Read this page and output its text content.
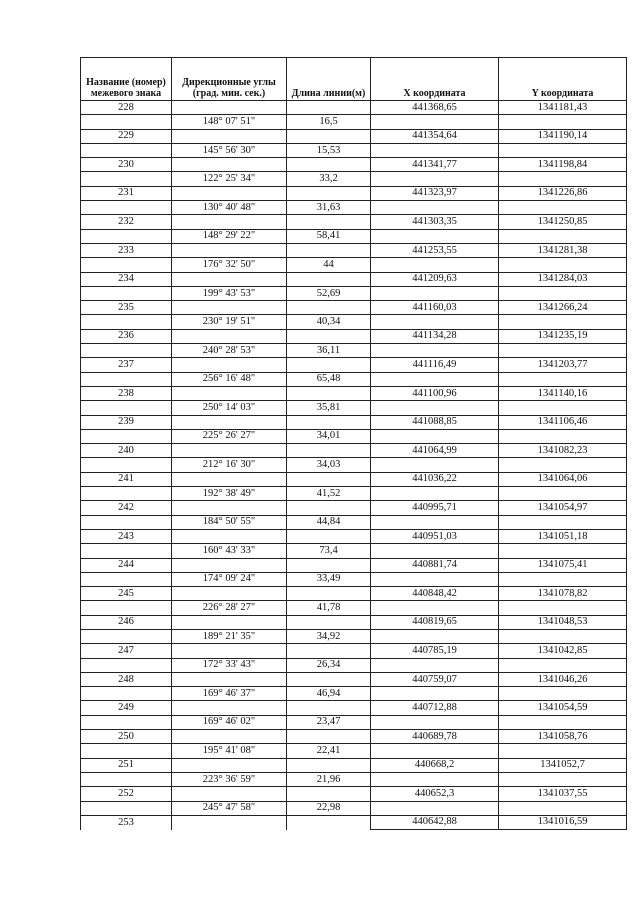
Название (номер) межевого знака	Дирекционные углы (град. мин. сек.)	Длина линии(м)	X координата	Y координата
228			441368,65	1341181,43
	148° 07' 51"	16,5		
229			441354,64	1341190,14
	145° 56' 30"	15,53		
230			441341,77	1341198,84
	122° 25' 34"	33,2		
231			441323,97	1341226,86
	130° 40' 48"	31,63		
232			441303,35	1341250,85
	148° 29' 22"	58,41		
233			441253,55	1341281,38
	176° 32' 50"	44		
234			441209,63	1341284,03
	199° 43' 53"	52,69		
235			441160,03	1341266,24
	230° 19' 51"	40,34		
236			441134,28	1341235,19
	240° 28' 53"	36,11		
237			441116,49	1341203,77
	256° 16' 48"	65,48		
238			441100,96	1341140,16
	250° 14' 03"	35,81		
239			441088,85	1341106,46
	225° 26' 27"	34,01		
240			441064,99	1341082,23
	212° 16' 30"	34,03		
241			441036,22	1341064,06
	192° 38' 49"	41,52		
242			440995,71	1341054,97
	184° 50' 55"	44,84		
243			440951,03	1341051,18
	160° 43' 33"	73,4		
244			440881,74	1341075,41
	174° 09' 24"	33,49		
245			440848,42	1341078,82
	226° 28' 27"	41,78		
246			440819,65	1341048,53
	189° 21' 35"	34,92		
247			440785,19	1341042,85
	172° 33' 43"	26,34		
248			440759,07	1341046,26
	169° 46' 37"	46,94		
249			440712,88	1341054,59
	169° 46' 02"	23,47		
250			440689,78	1341058,76
	195° 41' 08"	22,41		
251			440668,2	1341052,7
	223° 36' 59"	21,96		
252			440652,3	1341037,55
	245° 47' 58"	22,98		
253			440642,88	1341016,59
